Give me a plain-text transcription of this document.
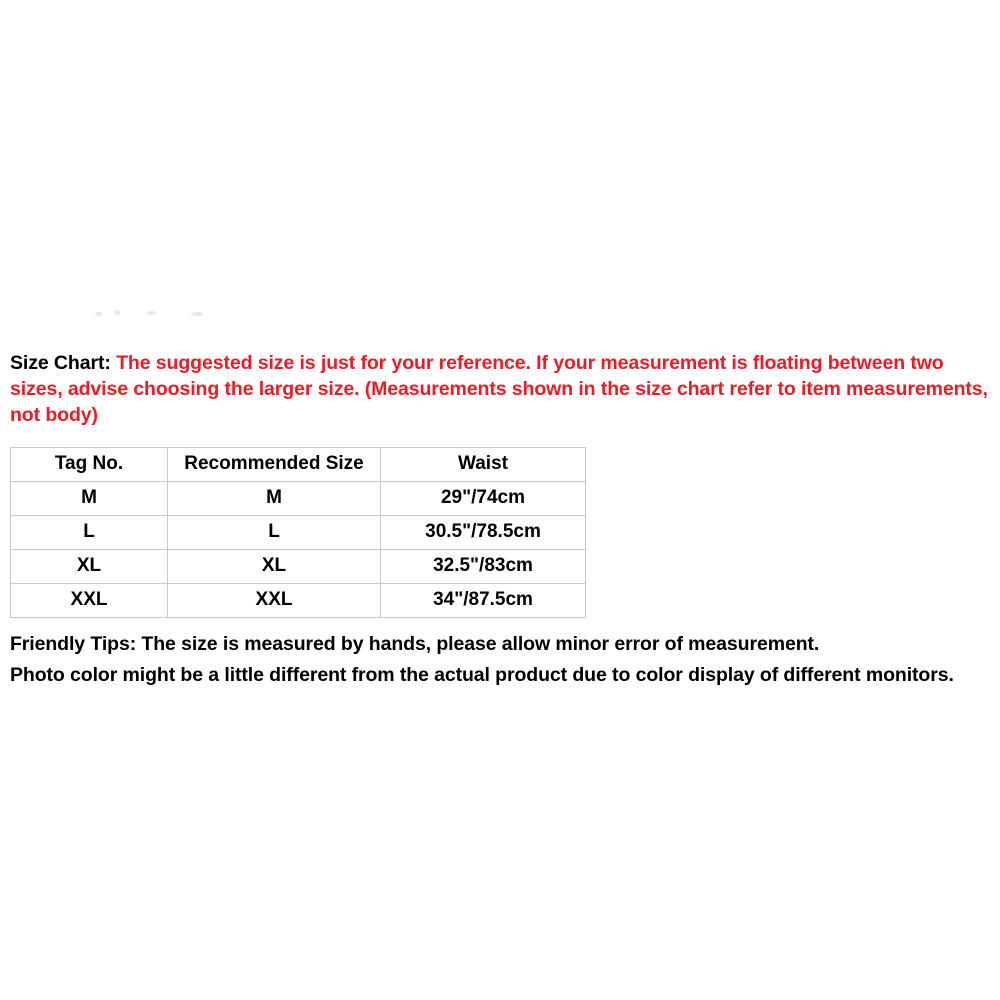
Size Chart: The suggested size is just for your reference. If your measurement is floating between two sizes, advise choosing the larger size. (Measurements shown in the size chart refer to item measurements, not body)

Tag No.	Recommended Size	Waist
M	M	29"/74cm
L	L	30.5"/78.5cm
XL	XL	32.5"/83cm
XXL	XXL	34"/87.5cm
Friendly Tips: The size is measured by hands, please allow minor error of measurement.
Photo color might be a little different from the actual product due to color display of different monitors.
